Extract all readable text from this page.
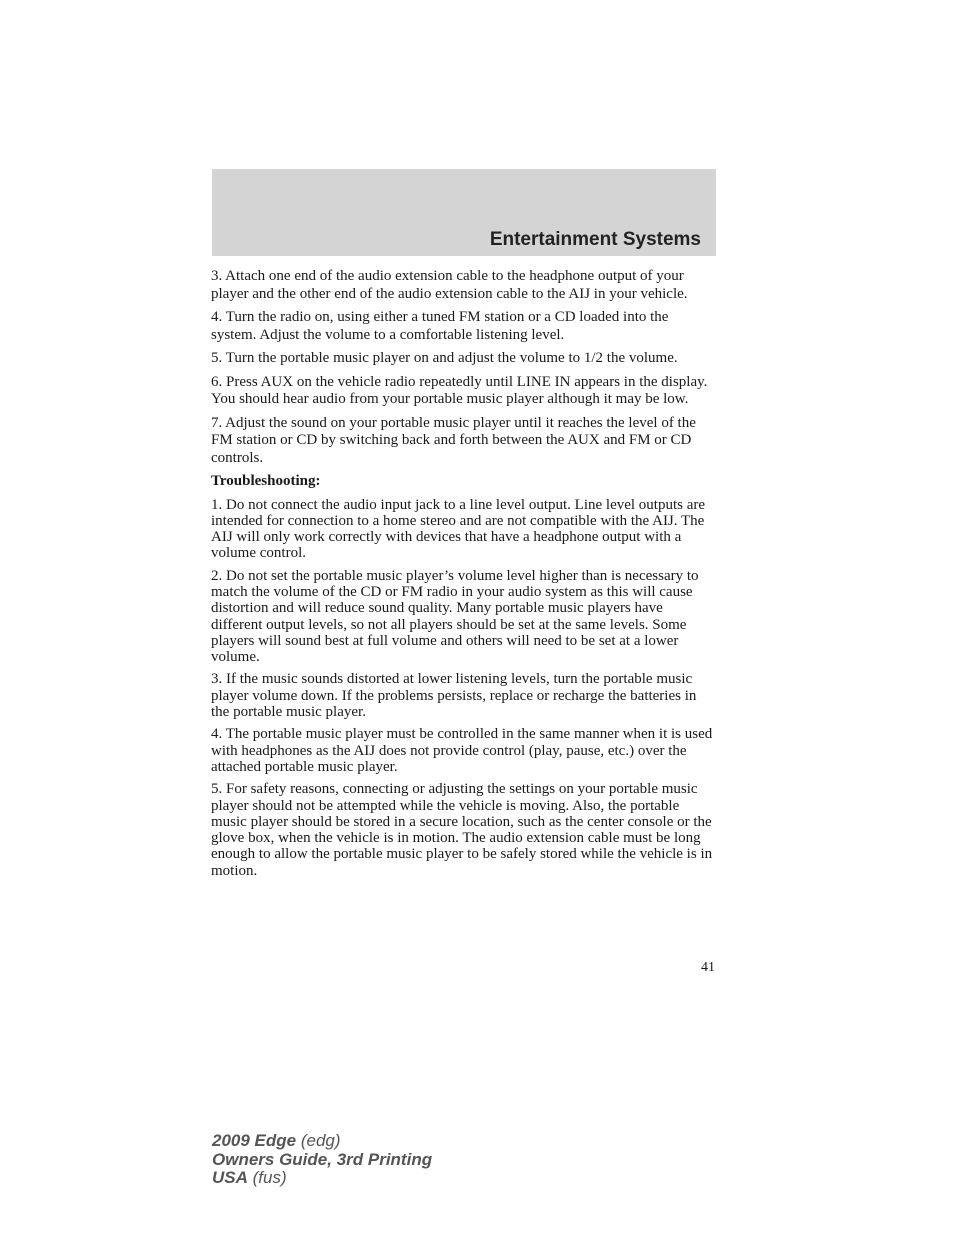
Entertainment Systems

3. Attach one end of the audio extension cable to the headphone output of your player and the other end of the audio extension cable to the AIJ in your vehicle.

4. Turn the radio on, using either a tuned FM station or a CD loaded into the system. Adjust the volume to a comfortable listening level.

5. Turn the portable music player on and adjust the volume to 1/2 the volume.

6. Press AUX on the vehicle radio repeatedly until LINE IN appears in the display.

You should hear audio from your portable music player although it may be low.

7. Adjust the sound on your portable music player until it reaches the level of the FM station or CD by switching back and forth between the AUX and FM or CD controls.

Troubleshooting:

1. Do not connect the audio input jack to a line level output. Line level outputs are intended for connection to a home stereo and are not compatible with the AIJ. The AIJ will only work correctly with devices that have a headphone output with a volume control.

2. Do not set the portable music player’s volume level higher than is necessary to match the volume of the CD or FM radio in your audio system as this will cause distortion and will reduce sound quality. Many portable music players have different output levels, so not all players should be set at the same levels. Some players will sound best at full volume and others will need to be set at a lower volume.

3. If the music sounds distorted at lower listening levels, turn the portable music player volume down. If the problems persists, replace or recharge the batteries in the portable music player.

4. The portable music player must be controlled in the same manner when it is used with headphones as the AIJ does not provide control (play, pause, etc.) over the attached portable music player.

5. For safety reasons, connecting or adjusting the settings on your portable music player should not be attempted while the vehicle is moving. Also, the portable music player should be stored in a secure location, such as the center console or the glove box, when the vehicle is in motion. The audio extension cable must be long enough to allow the portable music player to be safely stored while the vehicle is in motion.

41
2009 Edge (edg)
Owners Guide, 3rd Printing
USA (fus)
